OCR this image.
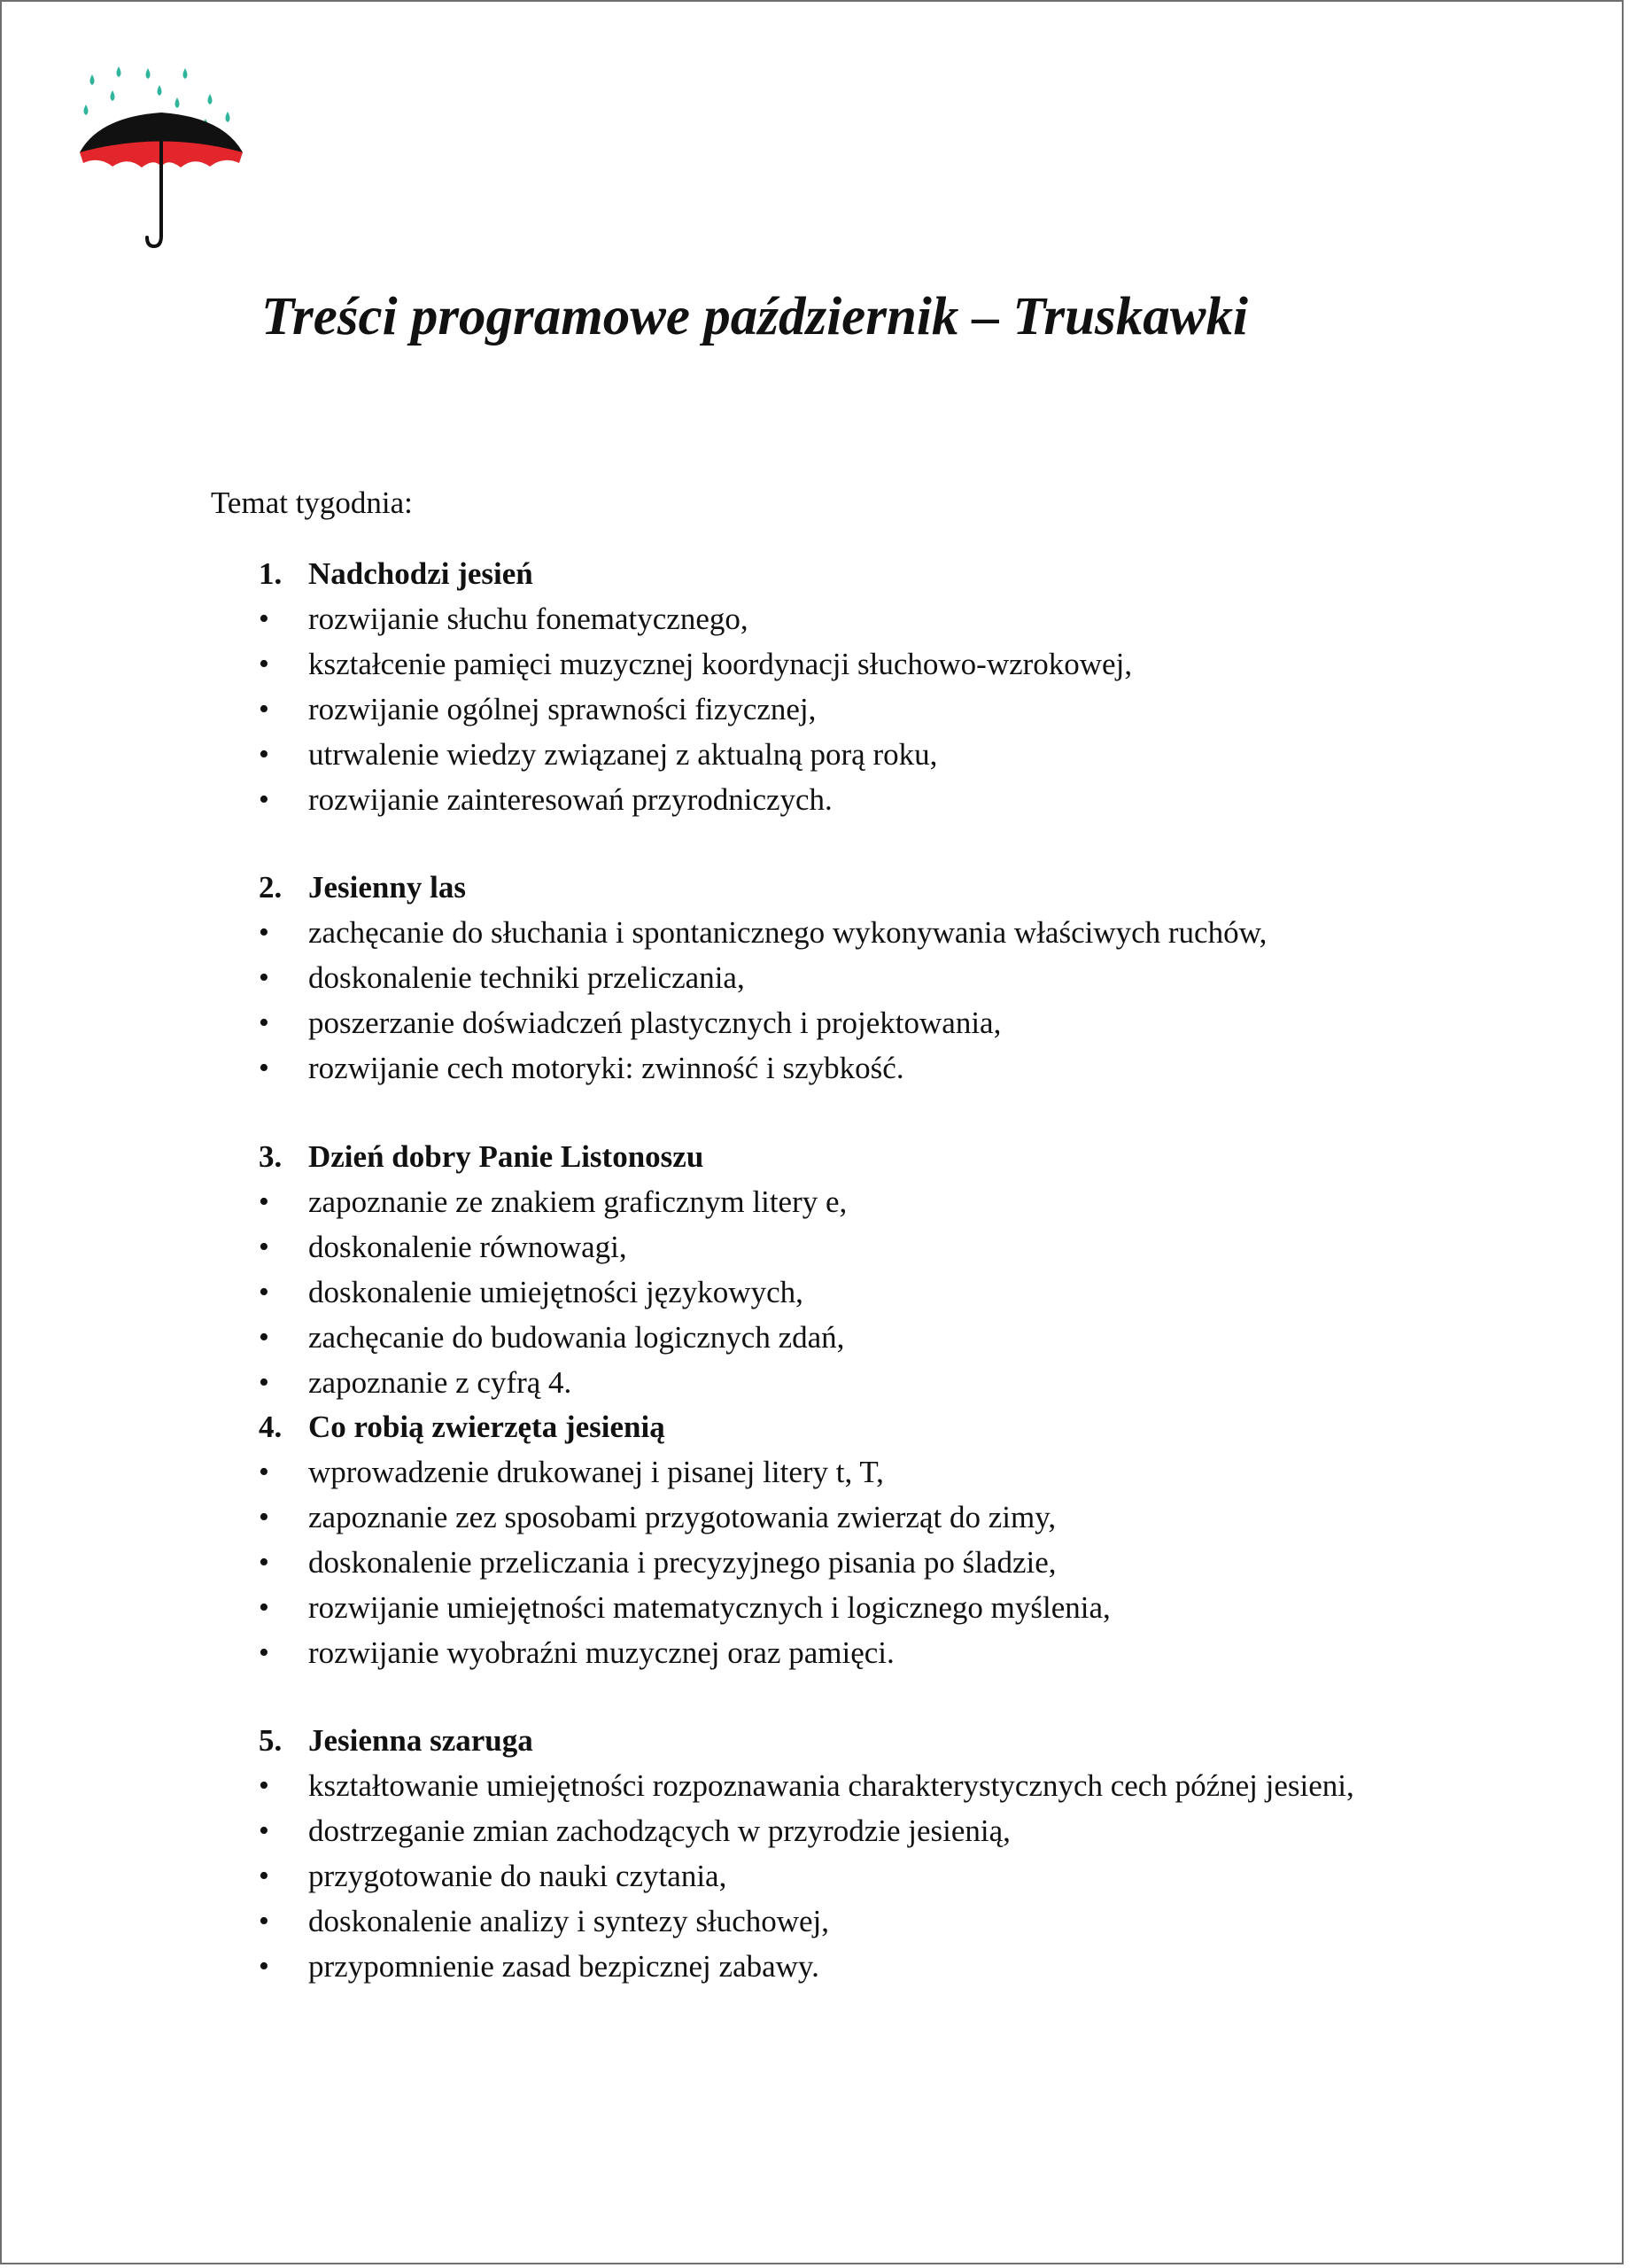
Treści programowe październik – Truskawki
Temat tygodnia:
1. Nadchodzi jesień
•	rozwijanie słuchu fonematycznego,
•	kształcenie pamięci muzycznej koordynacji słuchowo-wzrokowej,
•	rozwijanie ogólnej sprawności fizycznej,
•	utrwalenie wiedzy związanej z aktualną porą roku,
•	rozwijanie zainteresowań przyrodniczych.
2. Jesienny las
•	zachęcanie do słuchania i spontanicznego wykonywania właściwych ruchów,
•	doskonalenie techniki przeliczania,
•	poszerzanie doświadczeń plastycznych i projektowania,
•	rozwijanie cech motoryki: zwinność i szybkość.
3. Dzień dobry Panie Listonoszu
•	zapoznanie ze znakiem graficznym litery e,
•	doskonalenie równowagi,
•	doskonalenie umiejętności językowych,
•	zachęcanie do budowania logicznych zdań,
•	zapoznanie z cyfrą 4.
4. Co robią zwierzęta jesienią
•	wprowadzenie drukowanej i pisanej litery t, T,
•	zapoznanie zez sposobami przygotowania zwierząt do zimy,
•	doskonalenie przeliczania i precyzyjnego pisania po śladzie,
•	rozwijanie umiejętności matematycznych i logicznego myślenia,
•	rozwijanie wyobraźni muzycznej oraz pamięci.
5. Jesienna szaruga
•	kształtowanie umiejętności rozpoznawania charakterystycznych cech późnej jesieni,
•	dostrzeganie zmian zachodzących w przyrodzie jesienią,
•	przygotowanie do nauki czytania,
•	doskonalenie analizy i syntezy słuchowej,
•	przypomnienie zasad bezpicznej zabawy.
